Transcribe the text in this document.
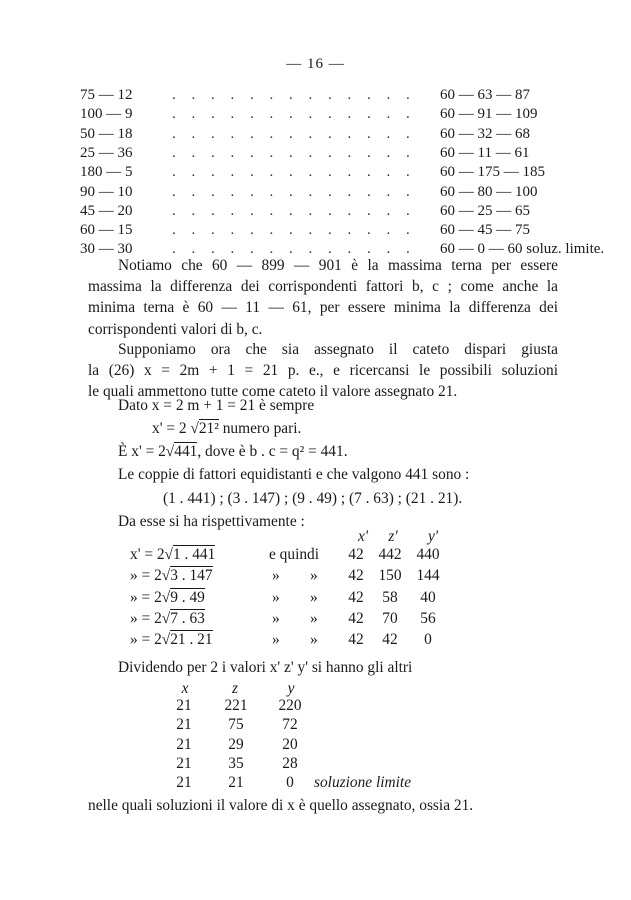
— 16 —
75 — 12	. . . . . . . . . . . . .	60 — 63 — 87
100 — 9	. . . . . . . . . . . . .	60 — 91 — 109
50 — 18	. . . . . . . . . . . . .	60 — 32 — 68
25 — 36	. . . . . . . . . . . . .	60 — 11 — 61
180 — 5	. . . . . . . . . . . . .	60 — 175 — 185
90 — 10	. . . . . . . . . . . . .	60 — 80 — 100
45 — 20	. . . . . . . . . . . . .	60 — 25 — 65
60 — 15	. . . . . . . . . . . . .	60 — 45 — 75
30 — 30	. . . . . . . . . . . . .	60 — 0 — 60 soluz. limite.
Notiamo che 60 — 899 — 901 è la massima terna per essere
massima la differenza dei corrispondenti fattori b, c ; come anche la
minima terna è 60 — 11 — 61, per essere minima la differenza dei
corrispondenti valori di b, c.
Supponiamo ora che sia assegnato il cateto dispari giusta
la (26) x = 2m + 1 = 21 p. e., e ricercansi le possibili soluzioni
le quali ammettono tutte come cateto il valore assegnato 21.
Dato x = 2 m + 1 = 21 è sempre
x' = 2 √21² numero pari.
È x' = 2√441, dove è b . c = q² = 441.
Le coppie di fattori equidistanti e che valgono 441 sono :
(1 . 441) ; (3 . 147) ; (9 . 49) ; (7 . 63) ; (21 . 21).
Da esse si ha rispettivamente :
x'	z'	y'
x' = 2√1 . 441	e quindi	42 442 440
» = 2√3 . 147	» »	42 150 144
» = 2√9 . 49	» »	42	58	40
» = 2√7 . 63	» »	42	70	56
» = 2√21 . 21	» »	42	42	0
Dividendo per 2 i valori x' z' y' si hanno gli altri
x	z	y
21	221	220
21	75	72
21	29	20
21	35	28
21	21	0	soluzione limite
nelle quali soluzioni il valore di x è quello assegnato, ossia 21.
